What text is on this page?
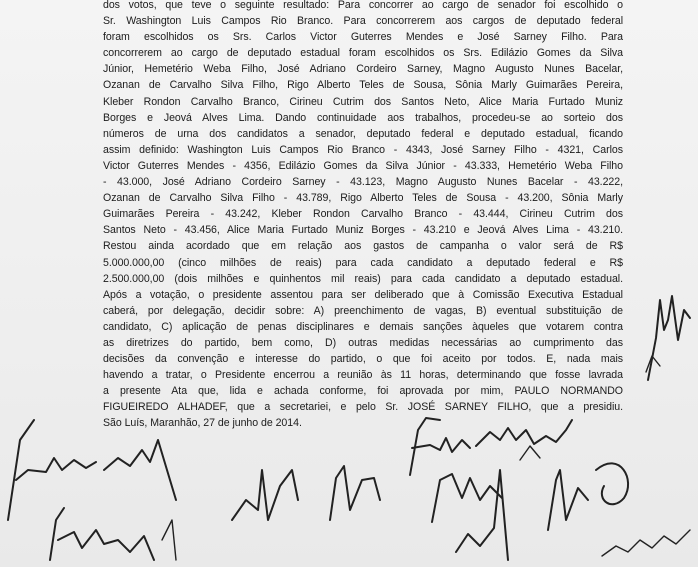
dos votos, que teve o seguinte resultado: Para concorrer ao cargo de senador foi escolhido o
Sr. Washington Luis Campos Rio Branco. Para concorrerem aos cargos de deputado federal
foram escolhidos os Srs. Carlos Victor Guterres Mendes e José Sarney Filho. Para
concorrerem ao cargo de deputado estadual foram escolhidos os Srs. Edilázio Gomes da Silva
Júnior, Hemetério Weba Filho, José Adriano Cordeiro Sarney, Magno Augusto Nunes Bacelar,
Ozanan de Carvalho Silva Filho, Rigo Alberto Teles de Sousa, Sônia Marly Guimarães Pereira,
Kleber Rondon Carvalho Branco, Cirineu Cutrim dos Santos Neto, Alice Maria Furtado Muniz
Borges e Jeová Alves Lima. Dando continuidade aos trabalhos, procedeu-se ao sorteio dos
números de urna dos candidatos a senador, deputado federal e deputado estadual, ficando
assim definido: Washington Luis Campos Rio Branco - 4343, José Sarney Filho - 4321, Carlos
Victor Guterres Mendes - 4356, Edilázio Gomes da Silva Júnior - 43.333, Hemetério Weba Filho
- 43.000, José Adriano Cordeiro Sarney - 43.123, Magno Augusto Nunes Bacelar - 43.222,
Ozanan de Carvalho Silva Filho - 43.789, Rigo Alberto Teles de Sousa - 43.200, Sônia Marly
Guimarães Pereira - 43.242, Kleber Rondon Carvalho Branco - 43.444, Cirineu Cutrim dos
Santos Neto - 43.456, Alice Maria Furtado Muniz Borges - 43.210 e Jeová Alves Lima - 43.210.
Restou ainda acordado que em relação aos gastos de campanha o valor será de R$
5.000.000,00 (cinco milhões de reais) para cada candidato a deputado federal e R$
2.500.000,00 (dois milhões e quinhentos mil reais) para cada candidato a deputado estadual.
Após a votação, o presidente assentou para ser deliberado que à Comissão Executiva Estadual
caberá, por delegação, decidir sobre: A) preenchimento de vagas, B) eventual substituição de
candidato, C) aplicação de penas disciplinares e demais sanções àqueles que votarem contra
as diretrizes do partido, bem como, D) outras medidas necessárias ao cumprimento das
decisões da convenção e interesse do partido, o que foi aceito por todos. E, nada mais
havendo a tratar, o Presidente encerrou a reunião às 11 horas, determinando que fosse lavrada
a presente Ata que, lida e achada conforme, foi aprovada por mim, PAULO NORMANDO
FIGUEIREDO ALHADEF, que a secretariei, e pelo Sr. JOSÉ SARNEY FILHO, que a presidiu.
São Luís, Maranhão, 27 de junho de 2014.
